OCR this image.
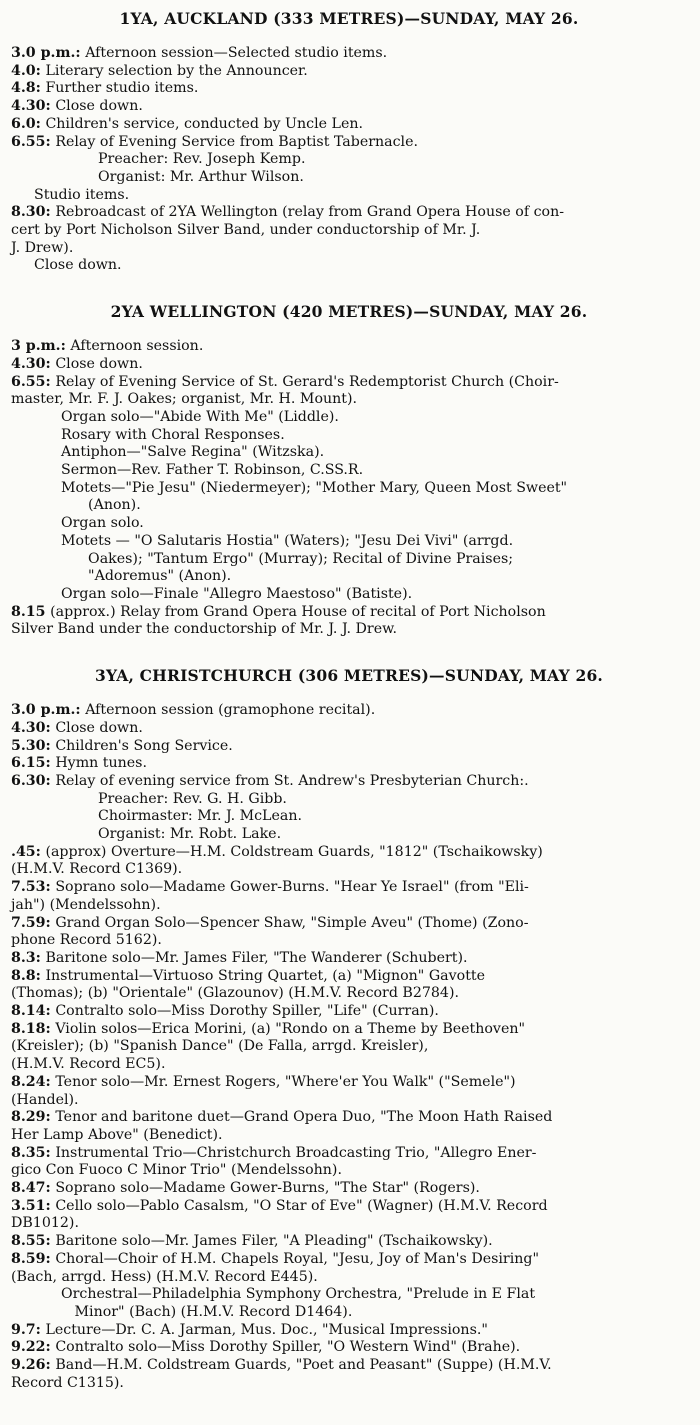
1YA, AUCKLAND (333 METRES)—SUNDAY, MAY 26.
3.0 p.m.: Afternoon session—Selected studio items.
4.0: Literary selection by the Announcer.
4.8: Further studio items.
4.30: Close down.
6.0: Children's service, conducted by Uncle Len.
6.55: Relay of Evening Service from Baptist Tabernacle.
Preacher: Rev. Joseph Kemp.
Organist: Mr. Arthur Wilson.
Studio items.
8.30: Rebroadcast of 2YA Wellington (relay from Grand Opera House of con-
cert by Port Nicholson Silver Band, under conductorship of Mr. J.
J. Drew).
Close down.
2YA WELLINGTON (420 METRES)—SUNDAY, MAY 26.
3 p.m.: Afternoon session.
4.30: Close down.
6.55: Relay of Evening Service of St. Gerard's Redemptorist Church (Choir-
master, Mr. F. J. Oakes; organist, Mr. H. Mount).
Organ solo—"Abide With Me" (Liddle).
Rosary with Choral Responses.
Antiphon—"Salve Regina" (Witzska).
Sermon—Rev. Father T. Robinson, C.SS.R.
Motets—"Pie Jesu" (Niedermeyer); "Mother Mary, Queen Most Sweet"
(Anon).
Organ solo.
Motets — "O Salutaris Hostia" (Waters); "Jesu Dei Vivi" (arrgd.
Oakes); "Tantum Ergo" (Murray); Recital of Divine Praises;
"Adoremus" (Anon).
Organ solo—Finale "Allegro Maestoso" (Batiste).
8.15 (approx.) Relay from Grand Opera House of recital of Port Nicholson
Silver Band under the conductorship of Mr. J. J. Drew.
3YA, CHRISTCHURCH (306 METRES)—SUNDAY, MAY 26.
3.0 p.m.: Afternoon session (gramophone recital).
4.30: Close down.
5.30: Children's Song Service.
6.15: Hymn tunes.
6.30: Relay of evening service from St. Andrew's Presbyterian Church:.
Preacher: Rev. G. H. Gibb.
Choirmaster: Mr. J. McLean.
Organist: Mr. Robt. Lake.
.45: (approx) Overture—H.M. Coldstream Guards, "1812" (Tschaikowsky)
(H.M.V. Record C1369).
7.53: Soprano solo—Madame Gower-Burns. "Hear Ye Israel" (from "Eli-
jah") (Mendelssohn).
7.59: Grand Organ Solo—Spencer Shaw, "Simple Aveu" (Thome) (Zono-
phone Record 5162).
8.3: Baritone solo—Mr. James Filer, "The Wanderer (Schubert).
8.8: Instrumental—Virtuoso String Quartet, (a) "Mignon" Gavotte
(Thomas); (b) "Orientale" (Glazounov) (H.M.V. Record B2784).
8.14: Contralto solo—Miss Dorothy Spiller, "Life" (Curran).
8.18: Violin solos—Erica Morini, (a) "Rondo on a Theme by Beethoven"
(Kreisler); (b) "Spanish Dance" (De Falla, arrgd. Kreisler),
(H.M.V. Record EC5).
8.24: Tenor solo—Mr. Ernest Rogers, "Where'er You Walk" ("Semele")
(Handel).
8.29: Tenor and baritone duet—Grand Opera Duo, "The Moon Hath Raised
Her Lamp Above" (Benedict).
8.35: Instrumental Trio—Christchurch Broadcasting Trio, "Allegro Ener-
gico Con Fuoco C Minor Trio" (Mendelssohn).
8.47: Soprano solo—Madame Gower-Burns, "The Star" (Rogers).
3.51: Cello solo—Pablo Casalsm, "O Star of Eve" (Wagner) (H.M.V. Record
DB1012).
8.55: Baritone solo—Mr. James Filer, "A Pleading" (Tschaikowsky).
8.59: Choral—Choir of H.M. Chapels Royal, "Jesu, Joy of Man's Desiring"
(Bach, arrgd. Hess) (H.M.V. Record E445).
Orchestral—Philadelphia Symphony Orchestra, "Prelude in E Flat
Minor" (Bach) (H.M.V. Record D1464).
9.7: Lecture—Dr. C. A. Jarman, Mus. Doc., "Musical Impressions."
9.22: Contralto solo—Miss Dorothy Spiller, "O Western Wind" (Brahe).
9.26: Band—H.M. Coldstream Guards, "Poet and Peasant" (Suppe) (H.M.V.
Record C1315).
